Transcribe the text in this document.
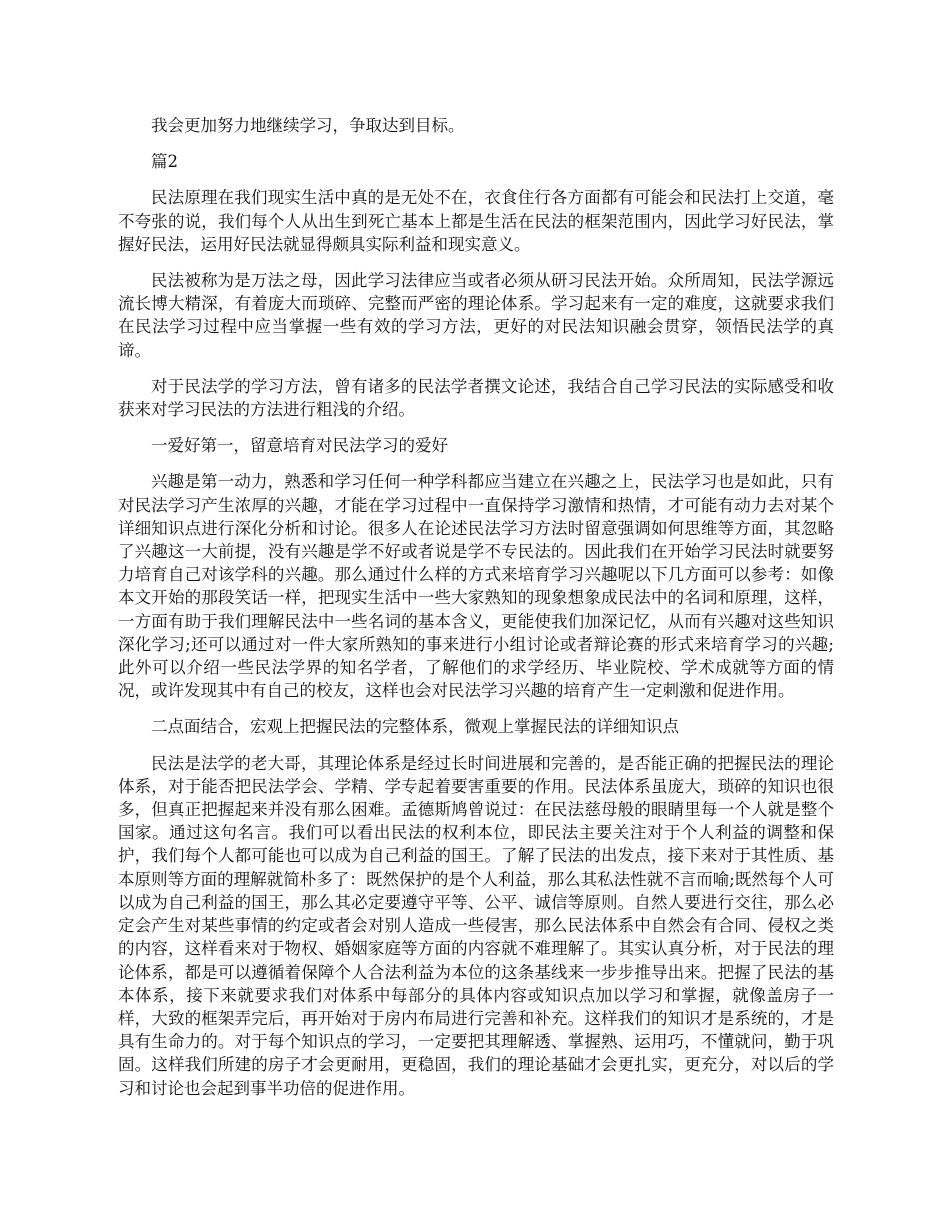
我会更加努力地继续学习，争取达到目标。

篇2

民法原理在我们现实生活中真的是无处不在，衣食住行各方面都有可能会和民法打上交道，毫不夸张的说，我们每个人从出生到死亡基本上都是生活在民法的框架范围内，因此学习好民法，掌握好民法，运用好民法就显得颇具实际利益和现实意义。

民法被称为是万法之母，因此学习法律应当或者必须从研习民法开始。众所周知，民法学源远流长博大精深，有着庞大而琐碎、完整而严密的理论体系。学习起来有一定的难度，这就要求我们在民法学习过程中应当掌握一些有效的学习方法，更好的对民法知识融会贯穿，领悟民法学的真谛。

对于民法学的学习方法，曾有诸多的民法学者撰文论述，我结合自己学习民法的实际感受和收获来对学习民法的方法进行粗浅的介绍。

一爱好第一，留意培育对民法学习的爱好

兴趣是第一动力，熟悉和学习任何一种学科都应当建立在兴趣之上，民法学习也是如此，只有对民法学习产生浓厚的兴趣，才能在学习过程中一直保持学习激情和热情，才可能有动力去对某个详细知识点进行深化分析和讨论。很多人在论述民法学习方法时留意强调如何思维等方面，其忽略了兴趣这一大前提，没有兴趣是学不好或者说是学不专民法的。因此我们在开始学习民法时就要努力培育自己对该学科的兴趣。那么通过什么样的方式来培育学习兴趣呢以下几方面可以参考：如像本文开始的那段笑话一样，把现实生活中一些大家熟知的现象想象成民法中的名词和原理，这样，一方面有助于我们理解民法中一些名词的基本含义，更能使我们加深记忆，从而有兴趣对这些知识深化学习;还可以通过对一件大家所熟知的事来进行小组讨论或者辩论赛的形式来培育学习的兴趣;此外可以介绍一些民法学界的知名学者，了解他们的求学经历、毕业院校、学术成就等方面的情况，或许发现其中有自己的校友，这样也会对民法学习兴趣的培育产生一定刺激和促进作用。

二点面结合，宏观上把握民法的完整体系，微观上掌握民法的详细知识点

民法是法学的老大哥，其理论体系是经过长时间进展和完善的，是否能正确的把握民法的理论体系，对于能否把民法学会、学精、学专起着要害重要的作用。民法体系虽庞大，琐碎的知识也很多，但真正把握起来并没有那么困难。孟德斯鸠曾说过：在民法慈母般的眼睛里每一个人就是整个国家。通过这句名言。我们可以看出民法的权利本位，即民法主要关注对于个人利益的调整和保护，我们每个人都可能也可以成为自己利益的国王。了解了民法的出发点，接下来对于其性质、基本原则等方面的理解就简朴多了：既然保护的是个人利益，那么其私法性就不言而喻;既然每个人可以成为自己利益的国王，那么其必定要遵守平等、公平、诚信等原则。自然人要进行交往，那么必定会产生对某些事情的约定或者会对别人造成一些侵害，那么民法体系中自然会有合同、侵权之类的内容，这样看来对于物权、婚姻家庭等方面的内容就不难理解了。其实认真分析，对于民法的理论体系，都是可以遵循着保障个人合法利益为本位的这条基线来一步步推导出来。把握了民法的基本体系，接下来就要求我们对体系中每部分的具体内容或知识点加以学习和掌握，就像盖房子一样，大致的框架弄完后，再开始对于房内布局进行完善和补充。这样我们的知识才是系统的，才是具有生命力的。对于每个知识点的学习，一定要把其理解透、掌握熟、运用巧，不懂就问，勤于巩固。这样我们所建的房子才会更耐用，更稳固，我们的理论基础才会更扎实，更充分，对以后的学习和讨论也会起到事半功倍的促进作用。
